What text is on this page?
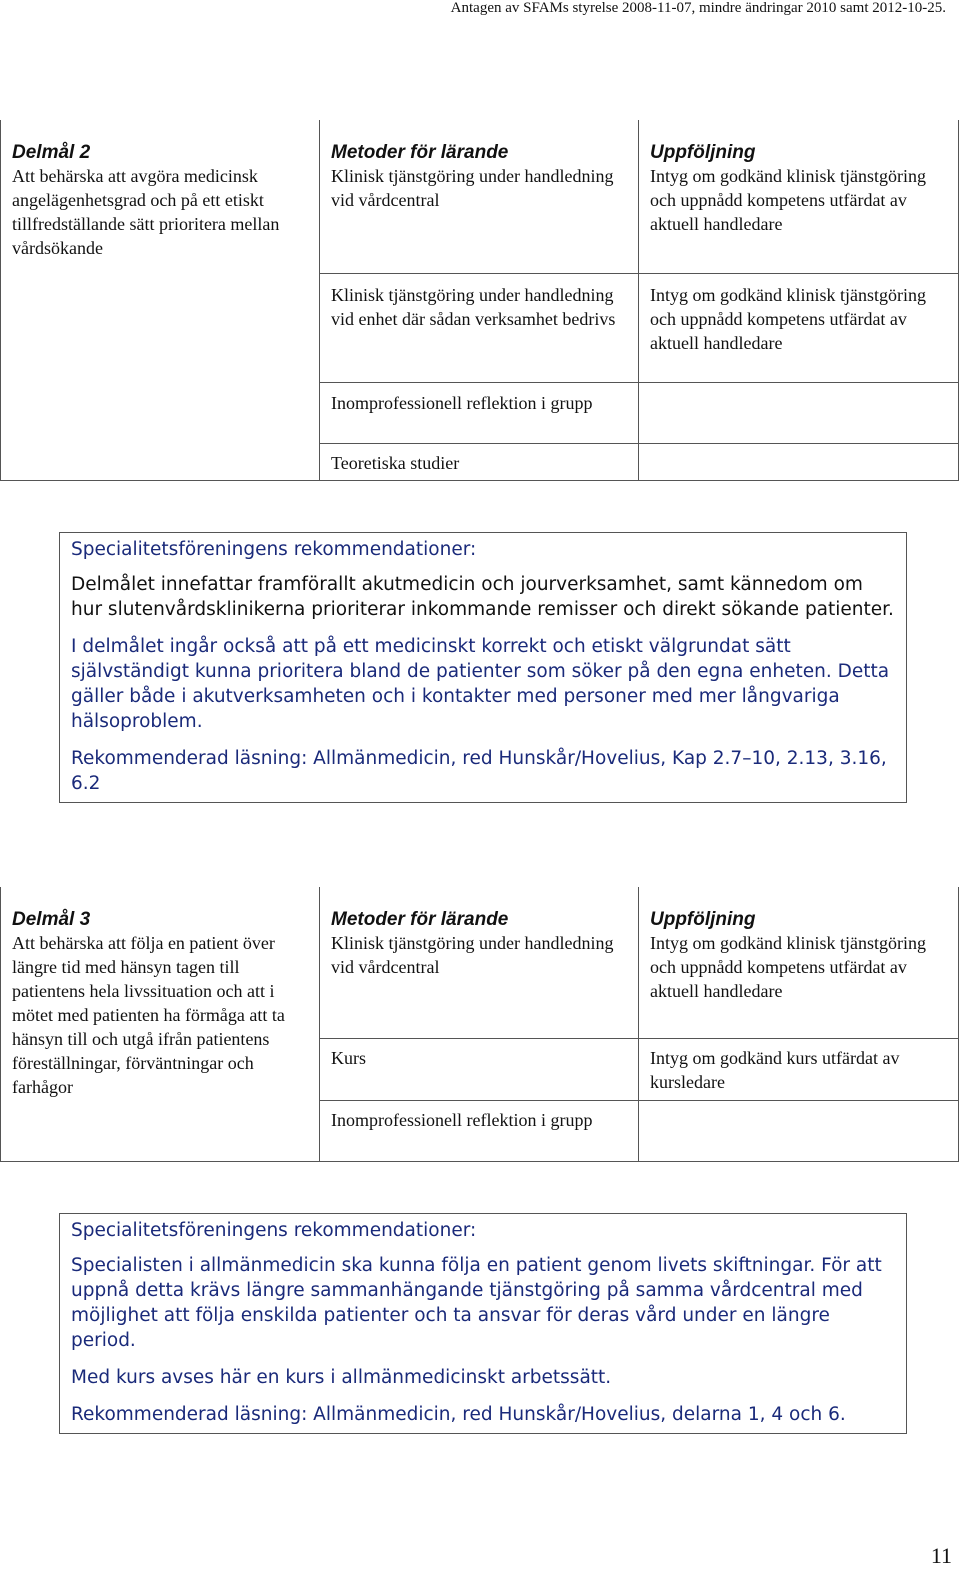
Antagen av SFAMs styrelse 2008-11-07, mindre ändringar 2010 samt 2012-10-25.
Delmål 2	Metoder för lärande	Uppföljning
Att behärska att avgöra medicinsk angelägenhetsgrad och på ett etiskt tillfredställande sätt prioritera mellan vårdsökande	Klinisk tjänstgöring under handledning vid vårdcentral	Intyg om godkänd klinisk tjänstgöring och uppnådd kompetens utfärdat av aktuell handledare
	Klinisk tjänstgöring under handledning vid enhet där sådan verksamhet bedrivs	Intyg om godkänd klinisk tjänstgöring och uppnådd kompetens utfärdat av aktuell handledare
	Inomprofessionell reflektion i grupp	
	Teoretiska studier	

Specialitetsföreningens rekommendationer:

Delmålet innefattar framförallt akutmedicin och jourverksamhet, samt kännedom om hur slutenvårdsklinikerna prioriterar inkommande remisser och direkt sökande patienter.

I delmålet ingår också att på ett medicinskt korrekt och etiskt välgrundat sätt självständigt kunna prioritera bland de patienter som söker på den egna enheten. Detta gäller både i akutverksamheten och i kontakter med personer med mer långvariga hälsoproblem.

Rekommenderad läsning: Allmänmedicin, red Hunskår/Hovelius, Kap 2.7–10, 2.13, 3.16, 6.2

Delmål 3	Metoder för lärande	Uppföljning
Att behärska att följa en patient över längre tid med hänsyn tagen till patientens hela livssituation och att i mötet med patienten ha förmåga att ta hänsyn till och utgå ifrån patientens föreställningar, förväntningar och farhågor	Klinisk tjänstgöring under handledning vid vårdcentral	Intyg om godkänd klinisk tjänstgöring och uppnådd kompetens utfärdat av aktuell handledare
	Kurs	Intyg om godkänd kurs utfärdat av kursledare
	Inomprofessionell reflektion i grupp	

Specialitetsföreningens rekommendationer:

Specialisten i allmänmedicin ska kunna följa en patient genom livets skiftningar. För att uppnå detta krävs längre sammanhängande tjänstgöring på samma vårdcentral med möjlighet att följa enskilda patienter och ta ansvar för deras vård under en längre period.

Med kurs avses här en kurs i allmänmedicinskt arbetssätt.

Rekommenderad läsning: Allmänmedicin, red Hunskår/Hovelius, delarna 1, 4 och 6.

11
